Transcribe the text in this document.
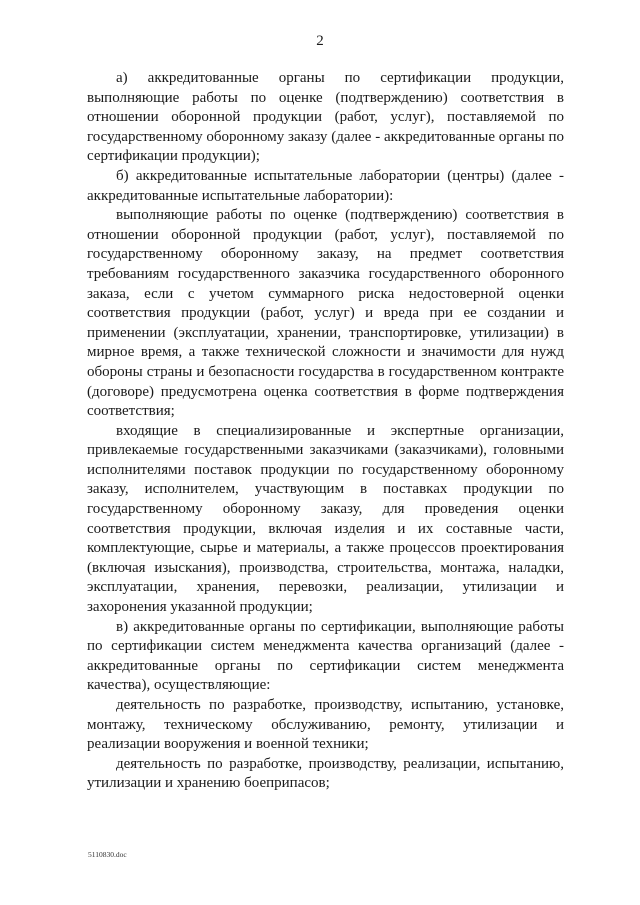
2

а) аккредитованные органы по сертификации продукции, выполняющие работы по оценке (подтверждению) соответствия в отношении оборонной продукции (работ, услуг), поставляемой по государственному оборонному заказу (далее - аккредитованные органы по сертификации продукции);

б) аккредитованные испытательные лаборатории (центры) (далее - аккредитованные испытательные лаборатории):

выполняющие работы по оценке (подтверждению) соответствия в отношении оборонной продукции (работ, услуг), поставляемой по государственному оборонному заказу, на предмет соответствия требованиям государственного заказчика государственного оборонного заказа, если с учетом суммарного риска недостоверной оценки соответствия продукции (работ, услуг) и вреда при ее создании и применении (эксплуатации, хранении, транспортировке, утилизации) в мирное время, а также технической сложности и значимости для нужд обороны страны и безопасности государства в государственном контракте (договоре) предусмотрена оценка соответствия в форме подтверждения соответствия;

входящие в специализированные и экспертные организации, привлекаемые государственными заказчиками (заказчиками), головными исполнителями поставок продукции по государственному оборонному заказу, исполнителем, участвующим в поставках продукции по государственному оборонному заказу, для проведения оценки соответствия продукции, включая изделия и их составные части, комплектующие, сырье и материалы, а также процессов проектирования (включая изыскания), производства, строительства, монтажа, наладки, эксплуатации, хранения, перевозки, реализации, утилизации и захоронения указанной продукции;

в) аккредитованные органы по сертификации, выполняющие работы по сертификации систем менеджмента качества организаций (далее - аккредитованные органы по сертификации систем менеджмента качества), осуществляющие:

деятельность по разработке, производству, испытанию, установке, монтажу, техническому обслуживанию, ремонту, утилизации и реализации вооружения и военной техники;

деятельность по разработке, производству, реализации, испытанию, утилизации и хранению боеприпасов;

5110830.doc
